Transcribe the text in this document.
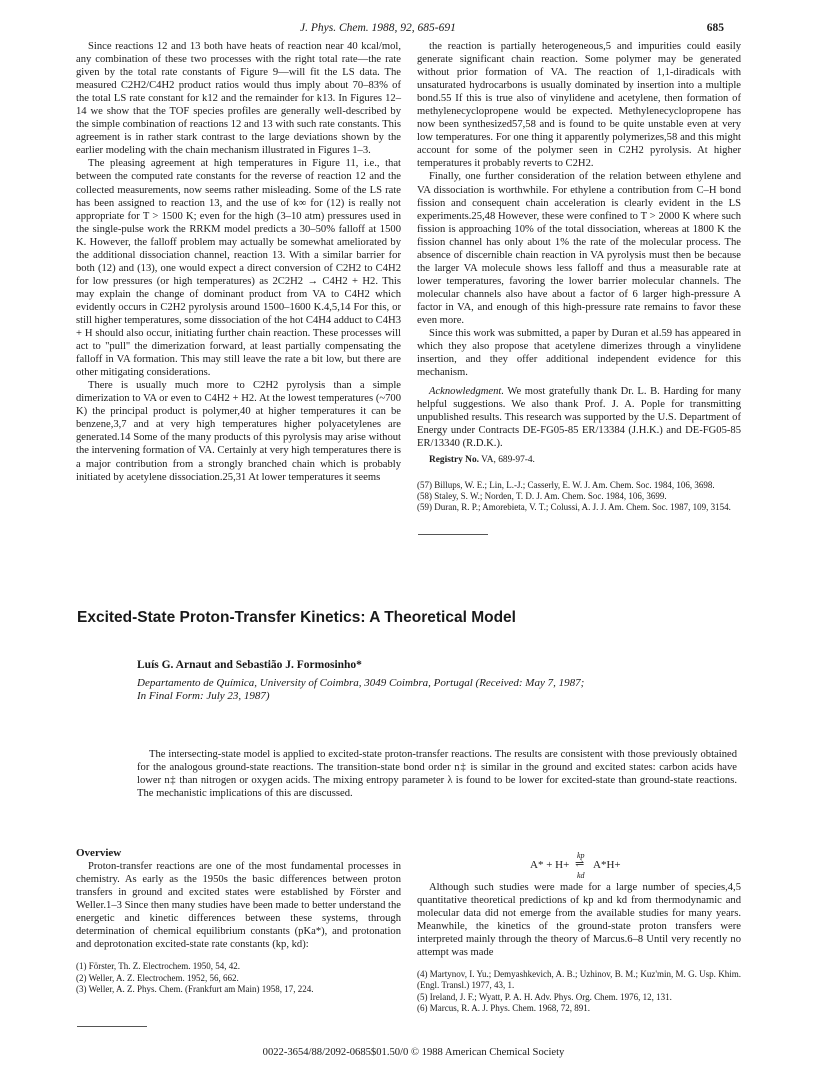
J. Phys. Chem. 1988, 92, 685-691	685

Since reactions 12 and 13 both have heats of reaction near 40 kcal/mol, any combination of these two processes with the right total rate—the rate given by the total rate constants of Figure 9—will fit the LS data. The measured C2H2/C4H2 product ratios would thus imply about 70–83% of the total LS rate constant for k12 and the remainder for k13. In Figures 12–14 we show that the TOF species profiles are generally well-described by the simple combination of reactions 12 and 13 with such rate constants. This agreement is in rather stark contrast to the large deviations shown by the earlier modeling with the chain mechanism illustrated in Figures 1–3.

The pleasing agreement at high temperatures in Figure 11, i.e., that between the computed rate constants for the reverse of reaction 12 and the collected measurements, now seems rather misleading. Some of the LS rate has been assigned to reaction 13, and the use of k∞ for (12) is really not appropriate for T > 1500 K; even for the high (3–10 atm) pressures used in the single-pulse work the RRKM model predicts a 30–50% falloff at 1500 K. However, the falloff problem may actually be somewhat ameliorated by the additional dissociation channel, reaction 13. With a similar barrier for both (12) and (13), one would expect a direct conversion of C2H2 to C4H2 for low pressures (or high temperatures) as 2C2H2 → C4H2 + H2. This may explain the change of dominant product from VA to C4H2 which evidently occurs in C2H2 pyrolysis around 1500–1600 K.4,5,14 For this, or still higher temperatures, some dissociation of the hot C4H4 adduct to C4H3 + H should also occur, initiating further chain reaction. These processes will act to "pull" the dimerization forward, at least partially compensating the falloff in VA formation. This may still leave the rate a bit low, but there are other mitigating considerations.

There is usually much more to C2H2 pyrolysis than a simple dimerization to VA or even to C4H2 + H2. At the lowest temperatures (~700 K) the principal product is polymer,40 at higher temperatures it can be benzene,3,7 and at very high temperatures higher polyacetylenes are generated.14 Some of the many products of this pyrolysis may arise without the intervening formation of VA. Certainly at very high temperatures there is a major contribution from a strongly branched chain which is probably initiated by acetylene dissociation.25,31 At lower temperatures it seems

the reaction is partially heterogeneous,5 and impurities could easily generate significant chain reaction. Some polymer may be generated without prior formation of VA. The reaction of 1,1-diradicals with unsaturated hydrocarbons is usually dominated by insertion into a multiple bond.55 If this is true also of vinylidene and acetylene, then formation of methylenecyclopropene would be expected. Methylenecyclopropene has now been synthesized57,58 and is found to be quite unstable even at very low temperatures. For one thing it apparently polymerizes,58 and this might account for some of the polymer seen in C2H2 pyrolysis. At higher temperatures it probably reverts to C2H2.

Finally, one further consideration of the relation between ethylene and VA dissociation is worthwhile. For ethylene a contribution from C–H bond fission and consequent chain acceleration is clearly evident in the LS experiments.25,48 However, these were confined to T > 2000 K where such fission is approaching 10% of the total dissociation, whereas at 1800 K the fission channel has only about 1% the rate of the molecular process. The absence of discernible chain reaction in VA pyrolysis must then be because the larger VA molecule shows less falloff and thus a measurable rate at lower temperatures, favoring the lower barrier molecular channels. The molecular channels also have about a factor of 6 larger high-pressure A factor in VA, and enough of this high-pressure rate remains to favor these even more.

Since this work was submitted, a paper by Duran et al.59 has appeared in which they also propose that acetylene dimerizes through a vinylidene insertion, and they offer additional independent evidence for this mechanism.

Acknowledgment. We most gratefully thank Dr. L. B. Harding for many helpful suggestions. We also thank Prof. J. A. Pople for transmitting unpublished results. This research was supported by the U.S. Department of Energy under Contracts DE-FG05-85 ER/13384 (J.H.K.) and DE-FG05-85 ER/13340 (R.D.K.).

Registry No. VA, 689-97-4.

(57) Billups, W. E.; Lin, L.-J.; Casserly, E. W. J. Am. Chem. Soc. 1984, 106, 3698.
(58) Staley, S. W.; Norden, T. D. J. Am. Chem. Soc. 1984, 106, 3699.
(59) Duran, R. P.; Amorebieta, V. T.; Colussi, A. J. J. Am. Chem. Soc. 1987, 109, 3154.
Excited-State Proton-Transfer Kinetics: A Theoretical Model
Luís G. Arnaut and Sebastião J. Formosinho*
Departamento de Química, University of Coimbra, 3049 Coimbra, Portugal (Received: May 7, 1987;
In Final Form: July 23, 1987)
The intersecting-state model is applied to excited-state proton-transfer reactions. The results are consistent with those previously obtained for the analogous ground-state reactions. The transition-state bond order n‡ is similar in the ground and excited states: carbon acids have lower n‡ than nitrogen or oxygen acids. The mixing entropy parameter λ is found to be lower for excited-state than ground-state reactions. The mechanistic implications of this are discussed.

Overview

Proton-transfer reactions are one of the most fundamental processes in chemistry. As early as the 1950s the basic differences between proton transfers in ground and excited states were established by Förster and Weller.1–3 Since then many studies have been made to better understand the energetic and kinetic differences between these systems, through determination of chemical equilibrium constants (pKa*), and protonation and deprotonation excited-state rate constants (kp, kd):

(1) Förster, Th. Z. Electrochem. 1950, 54, 42.
(2) Weller, A. Z. Electrochem. 1952, 56, 662.
(3) Weller, A. Z. Phys. Chem. (Frankfurt am Main) 1958, 17, 224.
A* + H+
kp
⇌
kd
A*H+

Although such studies were made for a large number of species,4,5 quantitative theoretical predictions of kp and kd from thermodynamic and molecular data did not emerge from the available studies for many years. Meanwhile, the kinetics of the ground-state proton transfers were interpreted mainly through the theory of Marcus.6–8 Until very recently no attempt was made

(4) Martynov, I. Yu.; Demyashkevich, A. B.; Uzhinov, B. M.; Kuz'min, M. G. Usp. Khim. (Engl. Transl.) 1977, 43, 1.
(5) Ireland, J. F.; Wyatt, P. A. H. Adv. Phys. Org. Chem. 1976, 12, 131.
(6) Marcus, R. A. J. Phys. Chem. 1968, 72, 891.
0022-3654/88/2092-0685$01.50/0 © 1988 American Chemical Society
